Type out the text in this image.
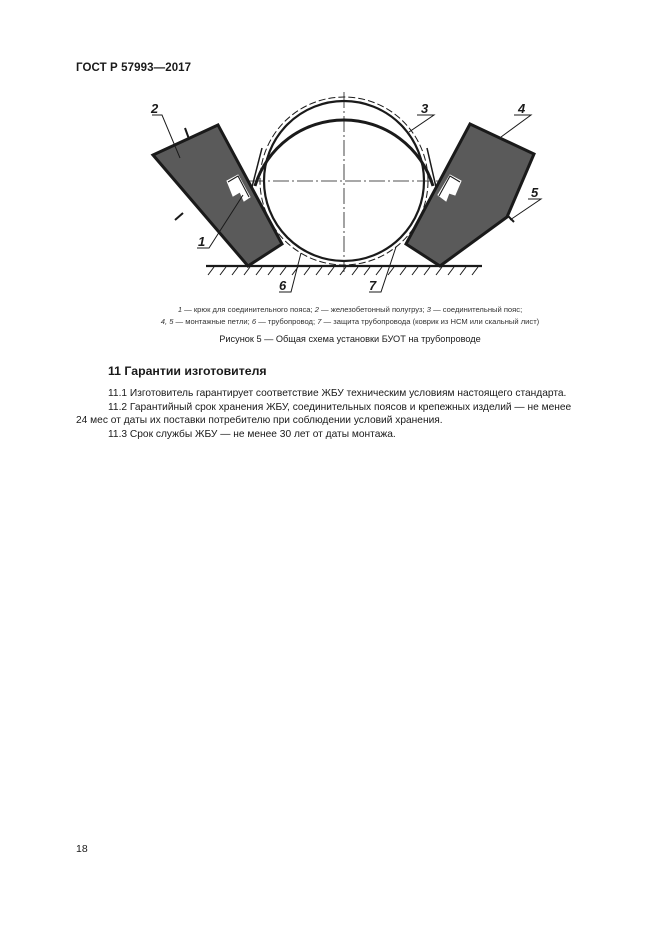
ГОСТ Р 57993—2017
2	3	4
5
1
6	7
1 — крюк для соединительного пояса; 2 — железобетонный полугруз; 3 — соединительный пояс;
4, 5 — монтажные петли; 6 — трубопровод; 7 — защита трубопровода (коврик из НСМ или скальный лист)
Рисунок 5 — Общая схема установки БУОТ на трубопроводе
11 Гарантии изготовителя
11.1 Изготовитель гарантирует соответствие ЖБУ техническим условиям настоящего стандарта.
11.2 Гарантийный срок хранения ЖБУ, соединительных поясов и крепежных изделий — не менее
24 мес от даты их поставки потребителю при соблюдении условий хранения.
11.3 Срок службы ЖБУ — не менее 30 лет от даты монтажа.
18
